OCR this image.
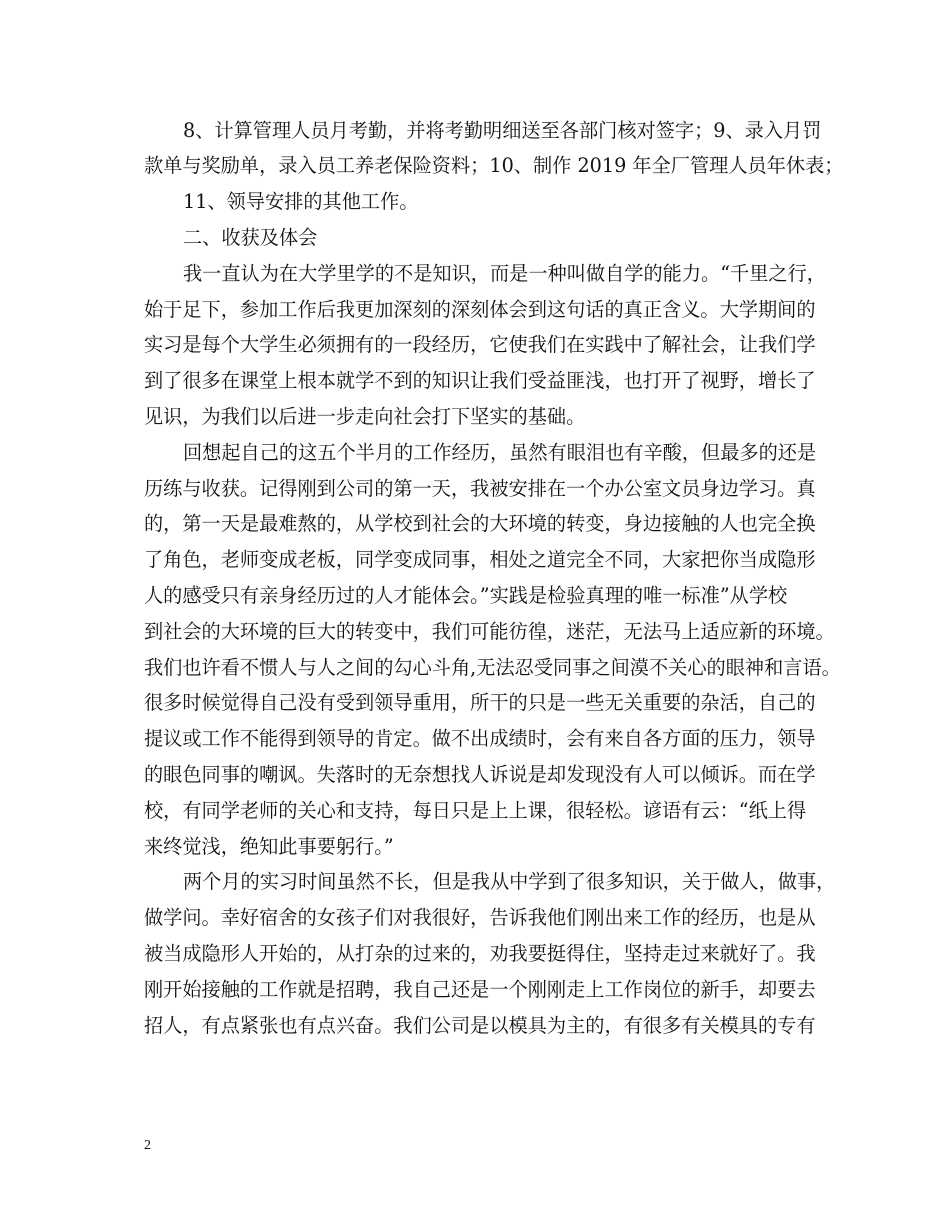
8、计算管理人员月考勤，并将考勤明细送至各部门核对签字；9、录入月罚
款单与奖励单，录入员工养老保险资料；10、制作 2019 年全厂管理人员年休表；
11、领导安排的其他工作。
二、收获及体会
我一直认为在大学里学的不是知识，而是一种叫做自学的能力。“千里之行，
始于足下，参加工作后我更加深刻的深刻体会到这句话的真正含义。大学期间的
实习是每个大学生必须拥有的一段经历，它使我们在实践中了解社会，让我们学
到了很多在课堂上根本就学不到的知识让我们受益匪浅，也打开了视野，增长了
见识，为我们以后进一步走向社会打下坚实的基础。
回想起自己的这五个半月的工作经历，虽然有眼泪也有辛酸，但最多的还是
历练与收获。记得刚到公司的第一天，我被安排在一个办公室文员身边学习。真
的，第一天是最难熬的，从学校到社会的大环境的转变，身边接触的人也完全换
了角色，老师变成老板，同学变成同事，相处之道完全不同，大家把你当成隐形
人的感受只有亲身经历过的人才能体会。”实践是检验真理的唯一标准”从学校
到社会的大环境的巨大的转变中，我们可能彷徨，迷茫，无法马上适应新的环境。
我们也许看不惯人与人之间的勾心斗角,无法忍受同事之间漠不关心的眼神和言语。
很多时候觉得自己没有受到领导重用，所干的只是一些无关重要的杂活，自己的
提议或工作不能得到领导的肯定。做不出成绩时，会有来自各方面的压力，领导
的眼色同事的嘲讽。失落时的无奈想找人诉说是却发现没有人可以倾诉。而在学
校，有同学老师的关心和支持，每日只是上上课，很轻松。谚语有云：“纸上得
来终觉浅，绝知此事要躬行。”
两个月的实习时间虽然不长，但是我从中学到了很多知识，关于做人，做事，
做学问。幸好宿舍的女孩子们对我很好，告诉我他们刚出来工作的经历，也是从
被当成隐形人开始的，从打杂的过来的，劝我要挺得住，坚持走过来就好了。我
刚开始接触的工作就是招聘，我自己还是一个刚刚走上工作岗位的新手，却要去
招人，有点紧张也有点兴奋。我们公司是以模具为主的，有很多有关模具的专有
2
